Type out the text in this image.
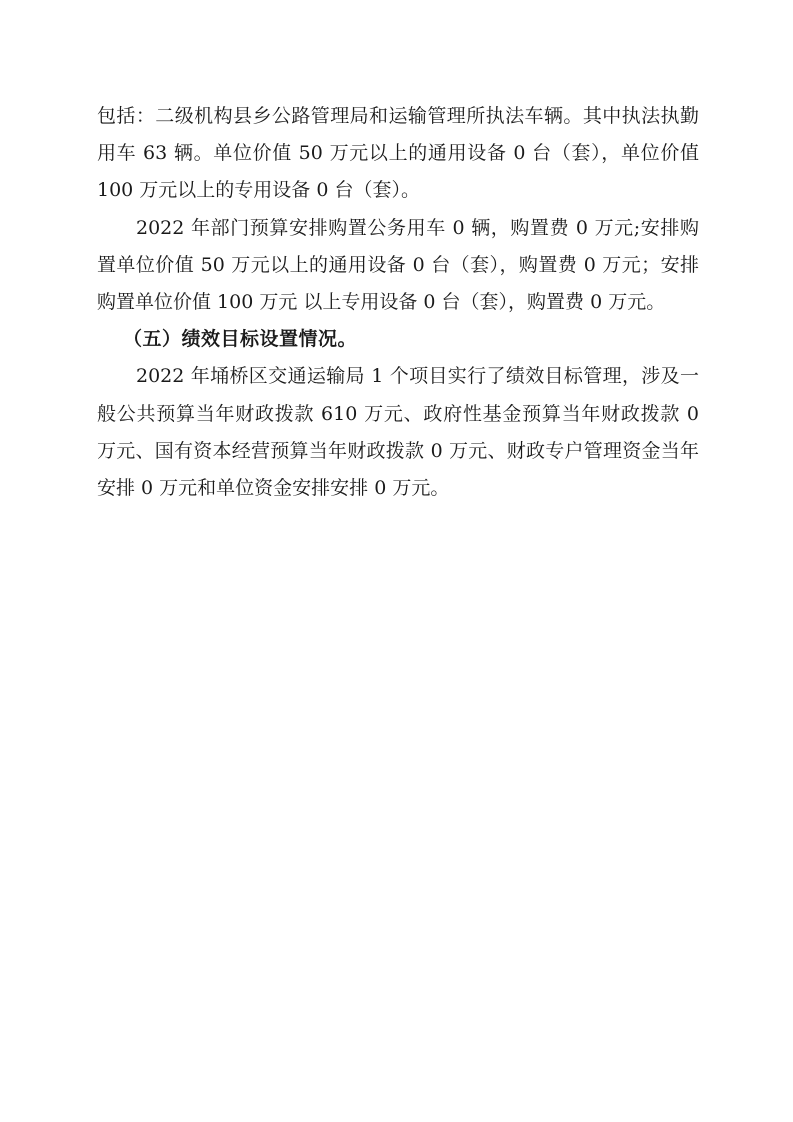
包括：二级机构县乡公路管理局和运输管理所执法车辆。其中执法执勤用车 63 辆。单位价值 50 万元以上的通用设备 0 台（套），单位价值 100 万元以上的专用设备 0 台（套）。

2022 年部门预算安排购置公务用车 0 辆，购置费 0 万元;安排购置单位价值 50 万元以上的通用设备 0 台（套），购置费 0 万元；安排购置单位价值 100 万元 以上专用设备 0 台（套），购置费 0 万元。

（五）绩效目标设置情况。

2022 年埇桥区交通运输局 1 个项目实行了绩效目标管理，涉及一般公共预算当年财政拨款 610 万元、政府性基金预算当年财政拨款 0 万元、国有资本经营预算当年财政拨款 0 万元、财政专户管理资金当年安排 0 万元和单位资金安排安排 0 万元。
